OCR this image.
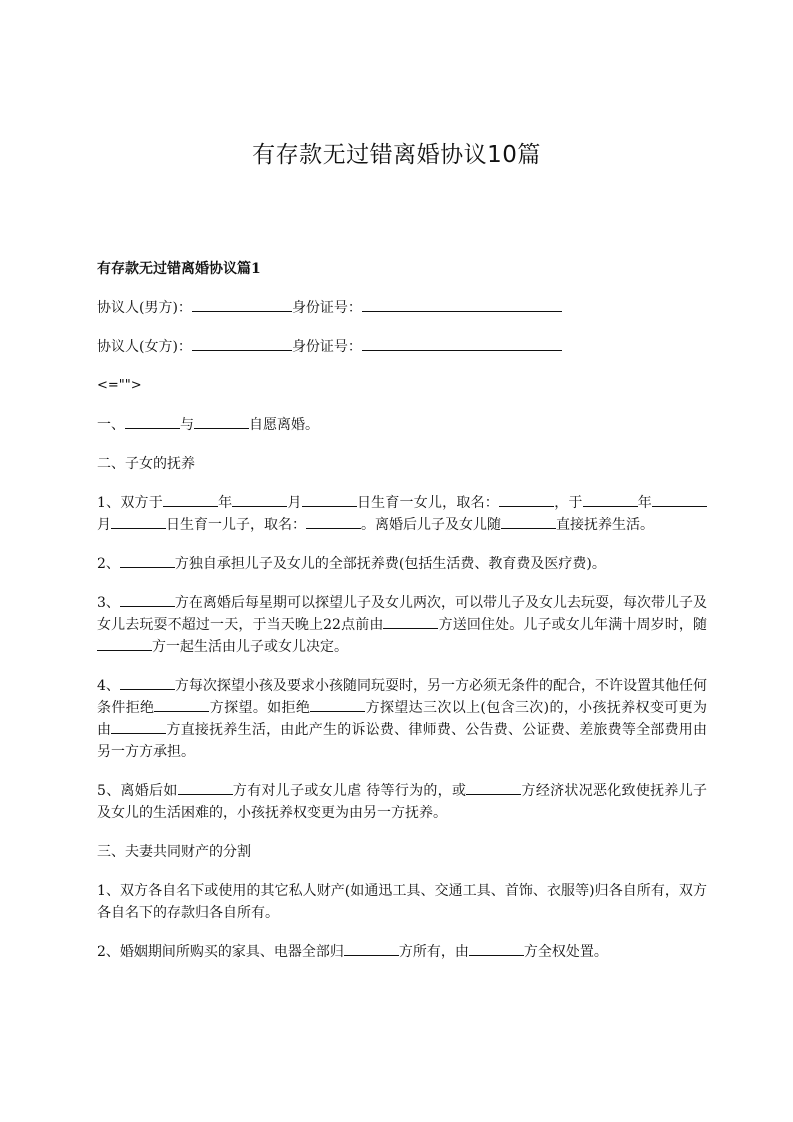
有存款无过错离婚协议10篇
有存款无过错离婚协议篇1
协议人(男方)：	身份证号：
协议人(女方)：	身份证号：
<="">
一、	与	自愿离婚。
二、子女的抚养
1、双方于	年	月	日生育一女儿，取名：	，于	年月	日生育一儿子，取名：	。离婚后儿子及女儿随	直接抚养生活。
2、	方独自承担儿子及女儿的全部抚养费(包括生活费、教育费及医疗费)。
3、	方在离婚后每星期可以探望儿子及女儿两次，可以带儿子及女儿去玩耍，每次带儿子及女儿去玩耍不超过一天，于当天晚上22点前由	方送回住处。儿子或女儿年满十周岁时，随方一起生活由儿子或女儿决定。
4、	方每次探望小孩及要求小孩随同玩耍时，另一方必须无条件的配合，不许设置其他任何条件拒绝	方探望。如拒绝	方探望达三次以上(包含三次)的，小孩抚养权变可更为由	方直接抚养生活，由此产生的诉讼费、律师费、公告费、公证费、差旅费等全部费用由另一方方承担。
5、离婚后如	方有对儿子或女儿虐 待等行为的，或	方经济状况恶化致使抚养儿子及女儿的生活困难的，小孩抚养权变更为由另一方抚养。
三、夫妻共同财产的分割
1、双方各自名下或使用的其它私人财产(如通迅工具、交通工具、首饰、衣服等)归各自所有，双方各自名下的存款归各自所有。
2、婚姻期间所购买的家具、电器全部归	方所有，由	方全权处置。
